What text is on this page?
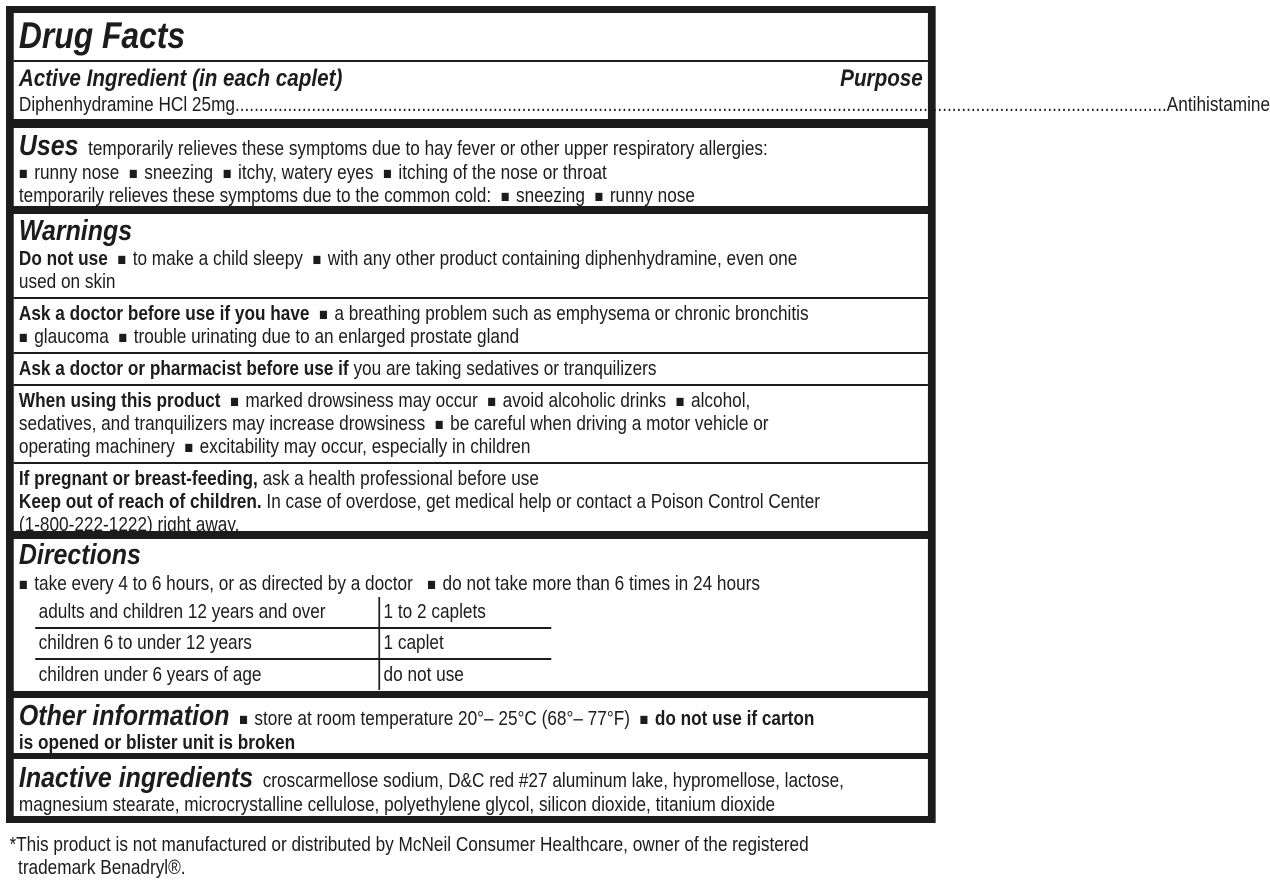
Drug Facts
Active Ingredient (in each caplet)	Purpose
Diphenhydramine HCl 25mg ................................................................................................................................................................................................... Antihistamine
Uses temporarily relieves these symptoms due to hay fever or other upper respiratory allergies:
■ runny nose ■ sneezing ■ itchy, watery eyes ■ itching of the nose or throat
temporarily relieves these symptoms due to the common cold: ■ sneezing ■ runny nose
Warnings
Do not use ■ to make a child sleepy ■ with any other product containing diphenhydramine, even one
used on skin
Ask a doctor before use if you have ■ a breathing problem such as emphysema or chronic bronchitis
■ glaucoma ■ trouble urinating due to an enlarged prostate gland
Ask a doctor or pharmacist before use if you are taking sedatives or tranquilizers
When using this product ■ marked drowsiness may occur ■ avoid alcoholic drinks ■ alcohol,
sedatives, and tranquilizers may increase drowsiness ■ be careful when driving a motor vehicle or
operating machinery ■ excitability may occur, especially in children
If pregnant or breast-feeding, ask a health professional before use
Keep out of reach of children. In case of overdose, get medical help or contact a Poison Control Center
(1-800-222-1222) right away.
Directions
■ take every 4 to 6 hours, or as directed by a doctor ■ do not take more than 6 times in 24 hours
adults and children 12 years and over	1 to 2 caplets
children 6 to under 12 years	1 caplet
children under 6 years of age	do not use
Other information ■ store at room temperature 20°– 25°C (68°– 77°F) ■ do not use if carton
is opened or blister unit is broken
Inactive ingredients croscarmellose sodium, D&C red #27 aluminum lake, hypromellose, lactose,
magnesium stearate, microcrystalline cellulose, polyethylene glycol, silicon dioxide, titanium dioxide
*This product is not manufactured or distributed by McNeil Consumer Healthcare, owner of the registered
trademark Benadryl®.
